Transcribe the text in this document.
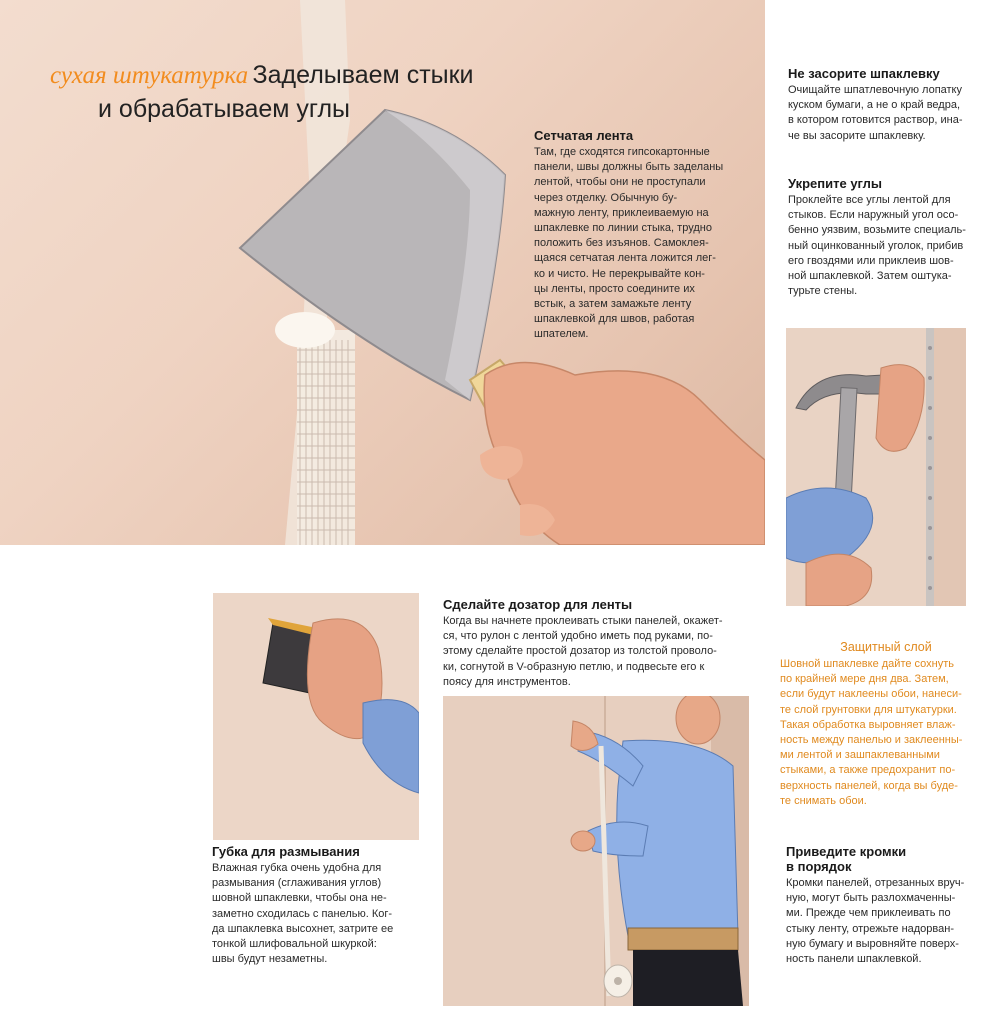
сухая штукатурка Заделываем стыки
и обрабатываем углы
Сетчатая лента
Там, где сходятся гипсокартонные
панели, швы должны быть заделаны
лентой, чтобы они не проступали
через отделку. Обычную бу-
мажную ленту, приклеиваемую на
шпаклевке по линии стыка, трудно
положить без изъянов. Самоклея-
щаяся сетчатая лента ложится лег-
ко и чисто. Не перекрывайте кон-
цы ленты, просто соедините их
встык, а затем замажьте ленту
шпаклевкой для швов, работая
шпателем.
Не засорите шпаклевку
Очищайте шпатлевочную лопатку
куском бумаги, а не о край ведра,
в котором готовится раствор, ина-
че вы засорите шпаклевку.
Укрепите углы
Проклейте все углы лентой для
стыков. Если наружный угол осо-
бенно уязвим, возьмите специаль-
ный оцинкованный уголок, прибив
его гвоздями или приклеив шов-
ной шпаклевкой. Затем оштука-
турьте стены.
Губка для размывания
Влажная губка очень удобна для
размывания (сглаживания углов)
шовной шпаклевки, чтобы она не-
заметно сходилась с панелью. Ког-
да шпаклевка высохнет, затрите ее
тонкой шлифовальной шкуркой:
швы будут незаметны.
Сделайте дозатор для ленты
Когда вы начнете проклеивать стыки панелей, окажет-
ся, что рулон с лентой удобно иметь под руками, по-
этому сделайте простой дозатор из толстой проволо-
ки, согнутой в V-образную петлю, и подвесьте его к
поясу для инструментов.
Защитный слой
Шовной шпаклевке дайте сохнуть
по крайней мере дня два. Затем,
если будут наклеены обои, нанеси-
те слой грунтовки для штукатурки.
Такая обработка выровняет влаж-
ность между панелью и заклеенны-
ми лентой и зашпаклеванными
стыками, а также предохранит по-
верхность панелей, когда вы буде-
те снимать обои.
Приведите кромки
в порядок
Кромки панелей, отрезанных вруч-
ную, могут быть разлохмаченны-
ми. Прежде чем приклеивать по
стыку ленту, отрежьте надорван-
ную бумагу и выровняйте поверх-
ность панели шпаклевкой.
